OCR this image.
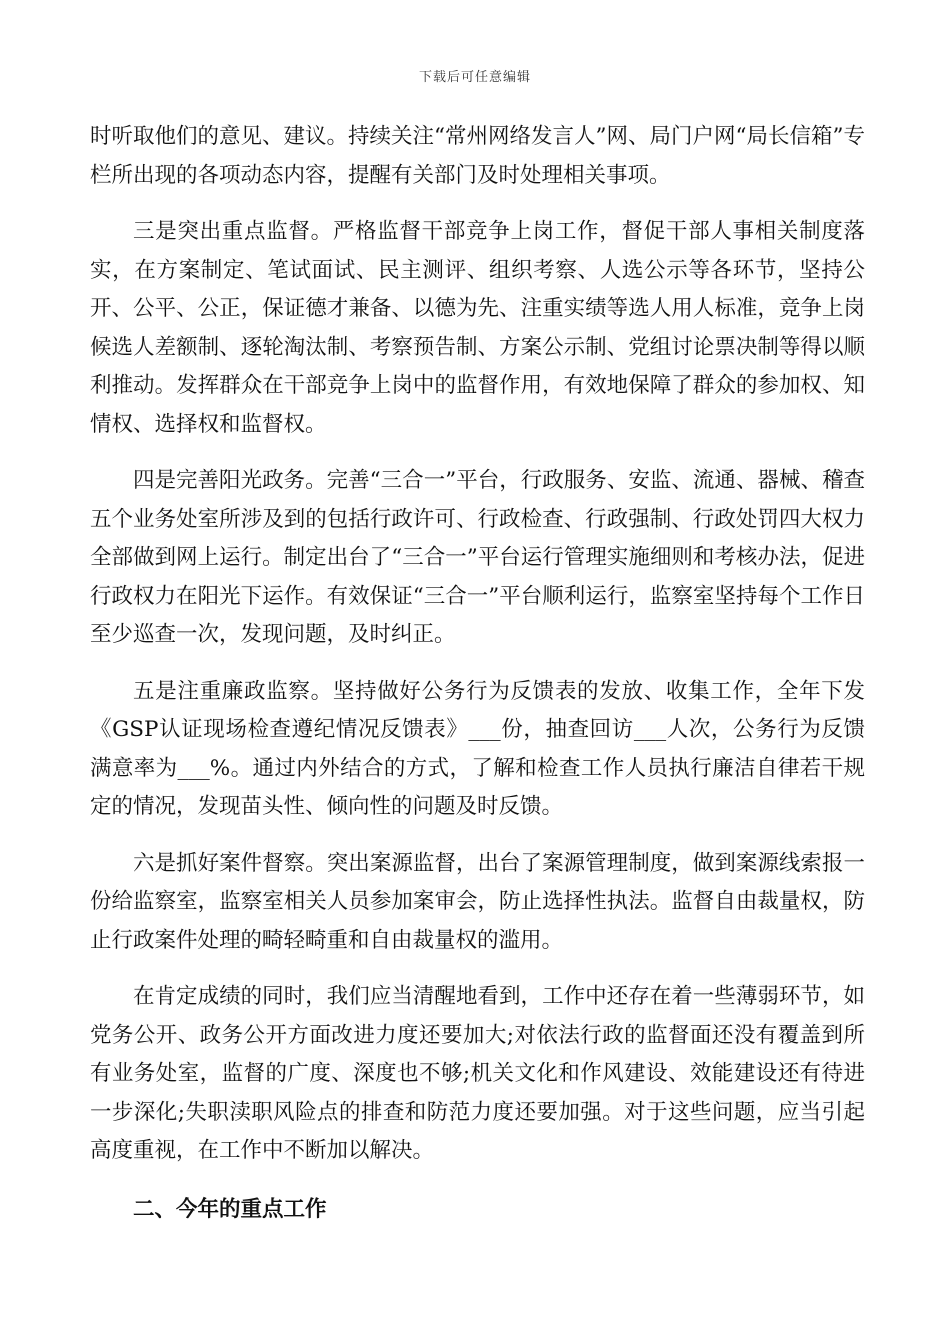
下载后可任意编辑

时听取他们的意见、建议。持续关注“常州网络发言人”网、局门户网“局长信箱”专栏所出现的各项动态内容，提醒有关部门及时处理相关事项。

三是突出重点监督。严格监督干部竞争上岗工作，督促干部人事相关制度落实，在方案制定、笔试面试、民主测评、组织考察、人选公示等各环节，坚持公开、公平、公正，保证德才兼备、以德为先、注重实绩等选人用人标准，竞争上岗候选人差额制、逐轮淘汰制、考察预告制、方案公示制、党组讨论票决制等得以顺利推动。发挥群众在干部竞争上岗中的监督作用，有效地保障了群众的参加权、知情权、选择权和监督权。

四是完善阳光政务。完善“三合一”平台，行政服务、安监、流通、器械、稽查五个业务处室所涉及到的包括行政许可、行政检查、行政强制、行政处罚四大权力全部做到网上运行。制定出台了“三合一”平台运行管理实施细则和考核办法，促进行政权力在阳光下运作。有效保证“三合一”平台顺利运行，监察室坚持每个工作日至少巡查一次，发现问题，及时纠正。

五是注重廉政监察。坚持做好公务行为反馈表的发放、收集工作，全年下发《GSP认证现场检查遵纪情况反馈表》___份，抽查回访___人次，公务行为反馈满意率为___%。通过内外结合的方式，了解和检查工作人员执行廉洁自律若干规定的情况，发现苗头性、倾向性的问题及时反馈。

六是抓好案件督察。突出案源监督，出台了案源管理制度，做到案源线索报一份给监察室，监察室相关人员参加案审会，防止选择性执法。监督自由裁量权，防止行政案件处理的畸轻畸重和自由裁量权的滥用。

在肯定成绩的同时，我们应当清醒地看到，工作中还存在着一些薄弱环节，如党务公开、政务公开方面改进力度还要加大;对依法行政的监督面还没有覆盖到所有业务处室，监督的广度、深度也不够;机关文化和作风建设、效能建设还有待进一步深化;失职渎职风险点的排查和防范力度还要加强。对于这些问题，应当引起高度重视，在工作中不断加以解决。

二、今年的重点工作
